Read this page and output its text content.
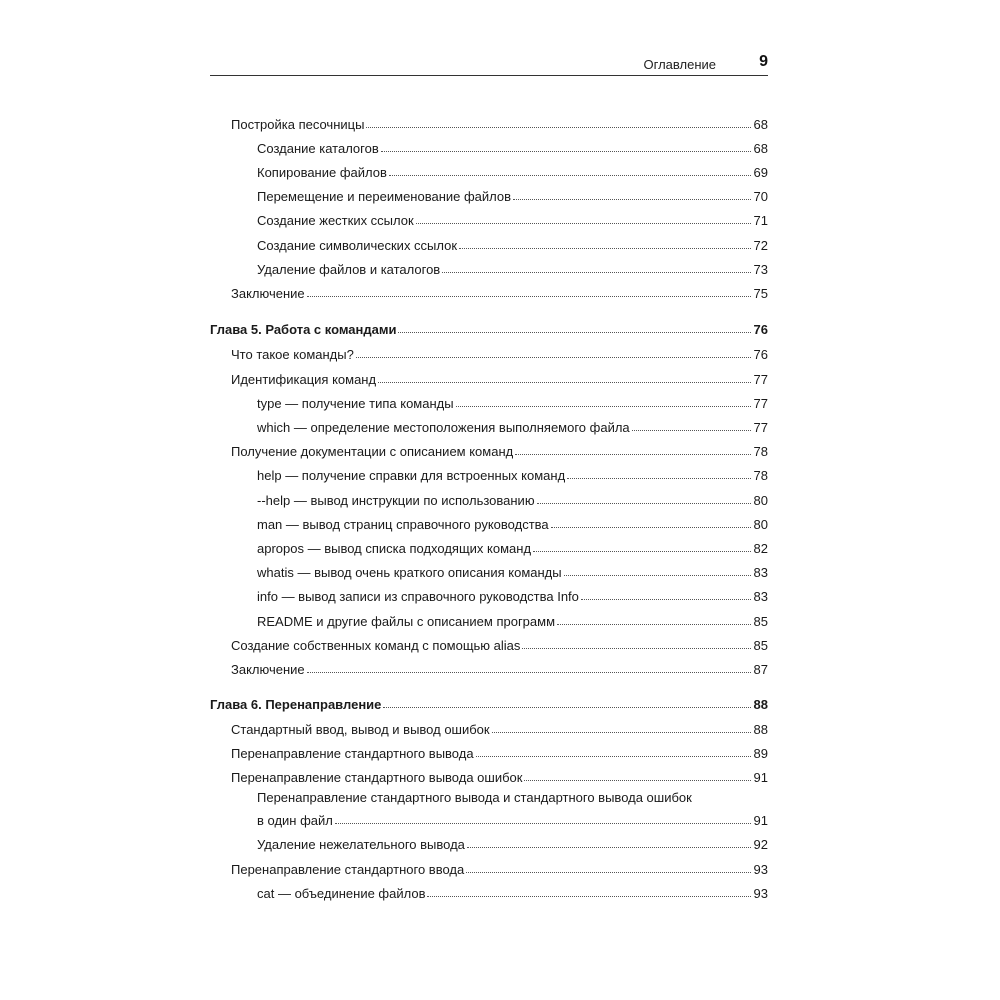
Оглавление	9
Постройка песочницы	68
Создание каталогов	68
Копирование файлов	69
Перемещение и переименование файлов	70
Создание жестких ссылок	71
Создание символических ссылок	72
Удаление файлов и каталогов	73
Заключение	75
Глава 5. Работа с командами	76
Что такое команды?	76
Идентификация команд	77
type — получение типа команды	77
which — определение местоположения выполняемого файла	77
Получение документации с описанием команд	78
help — получение справки для встроенных команд	78
--help — вывод инструкции по использованию	80
man — вывод страниц справочного руководства	80
apropos — вывод списка подходящих команд	82
whatis — вывод очень краткого описания команды	83
info — вывод записи из справочного руководства Info	83
README и другие файлы с описанием программ	85
Создание собственных команд с помощью alias	85
Заключение	87
Глава 6. Перенаправление	88
Стандартный ввод, вывод и вывод ошибок	88
Перенаправление стандартного вывода	89
Перенаправление стандартного вывода ошибок	91
Перенаправление стандартного вывода и стандартного вывода ошибок
в один файл	91
Удаление нежелательного вывода	92
Перенаправление стандартного ввода	93
cat — объединение файлов	93
